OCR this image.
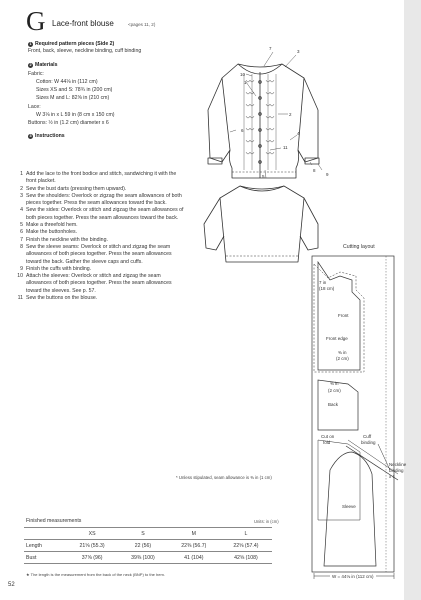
G Lace-front blouse	<pages 11, 2)
1 Required pattern pieces (Side 2)
Front, back, sleeve, neckline binding, cuff binding
2 Materials
Fabric:
Cotton: W 44⅛ in (112 cm)
Sizes XS and S: 78¾ in (200 cm)
Sizes M and L: 82⅝ in (210 cm)
Lace:
W 3⅛ in x L 59 in (8 cm x 150 cm)
Buttons: ½ in (1.2 cm) diameter x 6
3 Instructions
1 Add the lace to the front bodice and stitch, sandwiching it with the front placket.
2 Sew the bust darts (pressing them upward).
3 Sew the shoulders: Overlock or zigzag the seam allowances of both pieces together. Press the seam allowances toward the back.
4 Sew the sides: Overlock or stitch and zigzag the seam allowances of both pieces together. Press the seam allowances toward the back.
5 Make a threefold hem.
6 Make the buttonholes.
7 Finish the neckline with the binding.
8 Sew the sleeve seams: Overlock or stitch and zigzag the seam allowances of both pieces together. Press the seam allowances toward the back. Gather the sleeve caps and cuffs.
9 Finish the cuffs with binding.
10 Attach the sleeves: Overlock or stitch and zigzag the seam allowances of both pieces together. Press the seam allowances toward the sleeves. See p. 57.
11 Sew the buttons on the blouse.
7
3
10
1
2
4
6
11
5
8
9
Cutting layout
7 in
(18 cm)
Front
Front edge
⅜ in
(2 cm)
⅜ in
(2 cm)
Back
Cut on
fold
Cuff
binding
Neckline
binding
x 1
Sleeve
W = 44⅛ in (112 cm)
* Unless stipulated, seam allowance is ⅜ in (1 cm)
Finished measurements	Units: in (cm)
	XS	S	M	L
Length	21⅝ (55.3)	22 (56)	22⅜ (56.7)	22⅝ (57.4)
Bust	37⅝ (96)	39⅜ (100)	41 (104)	42⅝ (108)
★ The length is the measurement from the back of the neck (BNP) to the hem.
52
